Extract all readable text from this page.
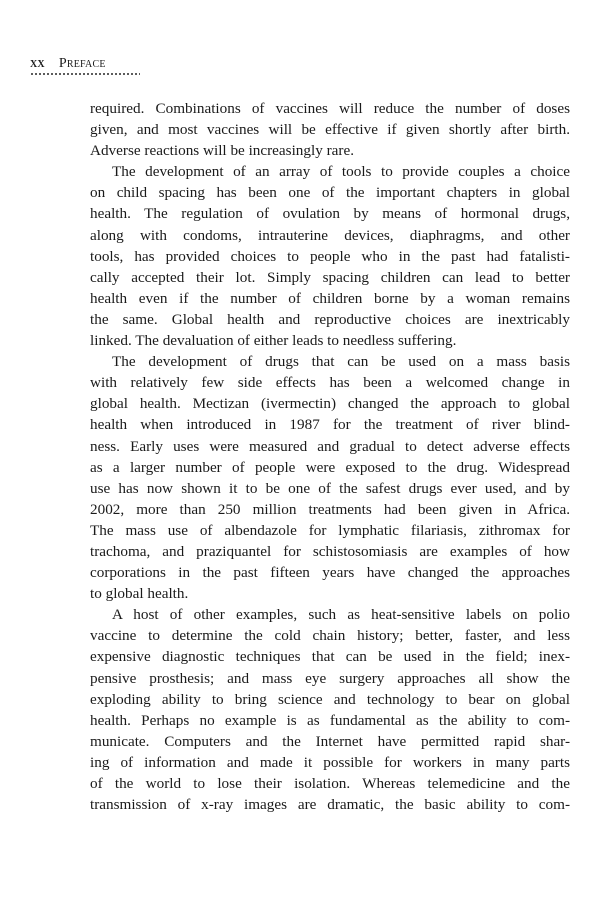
xx Preface

required. Combinations of vaccines will reduce the number of doses
given, and most vaccines will be effective if given shortly after birth.
Adverse reactions will be increasingly rare.

The development of an array of tools to provide couples a choice
on child spacing has been one of the important chapters in global
health. The regulation of ovulation by means of hormonal drugs,
along with condoms, intrauterine devices, diaphragms, and other
tools, has provided choices to people who in the past had fatalisti-
cally accepted their lot. Simply spacing children can lead to better
health even if the number of children borne by a woman remains
the same. Global health and reproductive choices are inextricably
linked. The devaluation of either leads to needless suffering.

The development of drugs that can be used on a mass basis
with relatively few side effects has been a welcomed change in
global health. Mectizan (ivermectin) changed the approach to global
health when introduced in 1987 for the treatment of river blind-
ness. Early uses were measured and gradual to detect adverse effects
as a larger number of people were exposed to the drug. Widespread
use has now shown it to be one of the safest drugs ever used, and by
2002, more than 250 million treatments had been given in Africa.
The mass use of albendazole for lymphatic filariasis, zithromax for
trachoma, and praziquantel for schistosomiasis are examples of how
corporations in the past fifteen years have changed the approaches
to global health.

A host of other examples, such as heat-sensitive labels on polio
vaccine to determine the cold chain history; better, faster, and less
expensive diagnostic techniques that can be used in the field; inex-
pensive prosthesis; and mass eye surgery approaches all show the
exploding ability to bring science and technology to bear on global
health. Perhaps no example is as fundamental as the ability to com-
municate. Computers and the Internet have permitted rapid shar-
ing of information and made it possible for workers in many parts
of the world to lose their isolation. Whereas telemedicine and the
transmission of x-ray images are dramatic, the basic ability to com-
